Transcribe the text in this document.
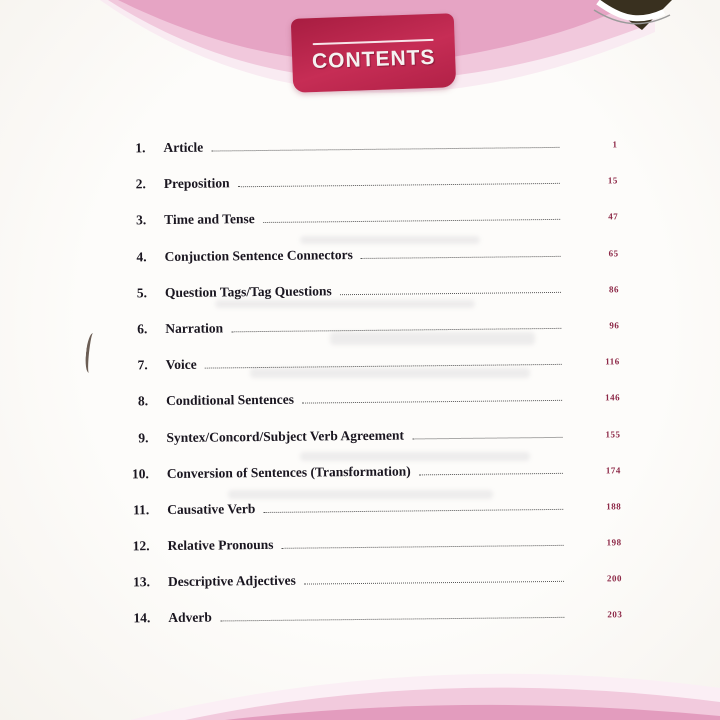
CONTENTS
1.	Article	1
2.	Preposition	15
3.	Time and Tense	47
4.	Conjuction Sentence Connectors	65
5.	Question Tags/Tag Questions	86
6.	Narration	96
7.	Voice	116
8.	Conditional Sentences	146
9.	Syntex/Concord/Subject Verb Agreement	155
10.	Conversion of Sentences (Transformation)	174
11.	Causative Verb	188
12.	Relative Pronouns	198
13.	Descriptive Adjectives	200
14.	Adverb	203
